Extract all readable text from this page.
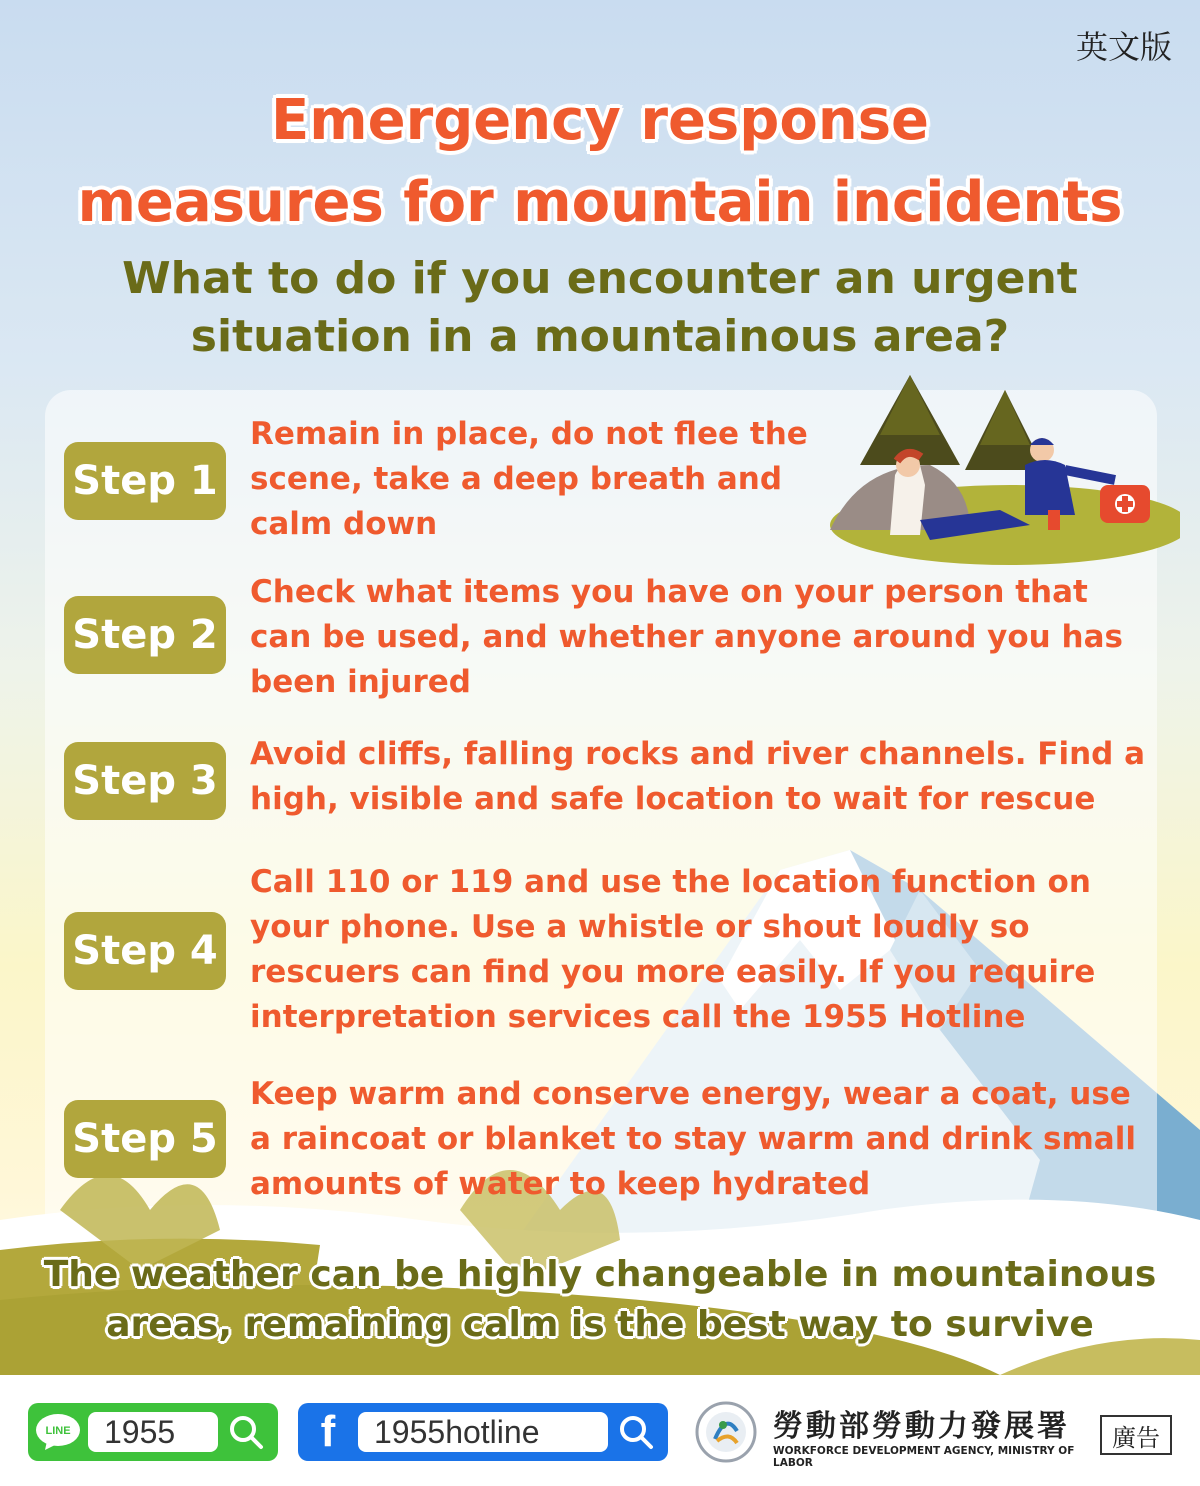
英文版
Emergency response
measures for mountain incidents
What to do if you encounter an urgent
situation in a mountainous area?
Step 1
Remain in place, do not flee the
scene, take a deep breath and
calm down
Step 2
Check what items you have on your person that
can be used, and whether anyone around you has
been injured
Step 3
Avoid cliffs, falling rocks and river channels. Find a
high, visible and safe location to wait for rescue
Step 4
Call 110 or 119 and use the location function on
your phone. Use a whistle or shout loudly so
rescuers can find you more easily. If you require
interpretation services call the 1955 Hotline
Step 5
Keep warm and conserve energy, wear a coat, use
a raincoat or blanket to stay warm and drink small
amounts of water to keep hydrated
The weather can be highly changeable in mountainous
areas, remaining calm is the best way to survive
LINE	1955	f	1955hotline	勞動部勞動力發展署
WORKFORCE DEVELOPMENT AGENCY, MINISTRY OF LABOR
廣告
